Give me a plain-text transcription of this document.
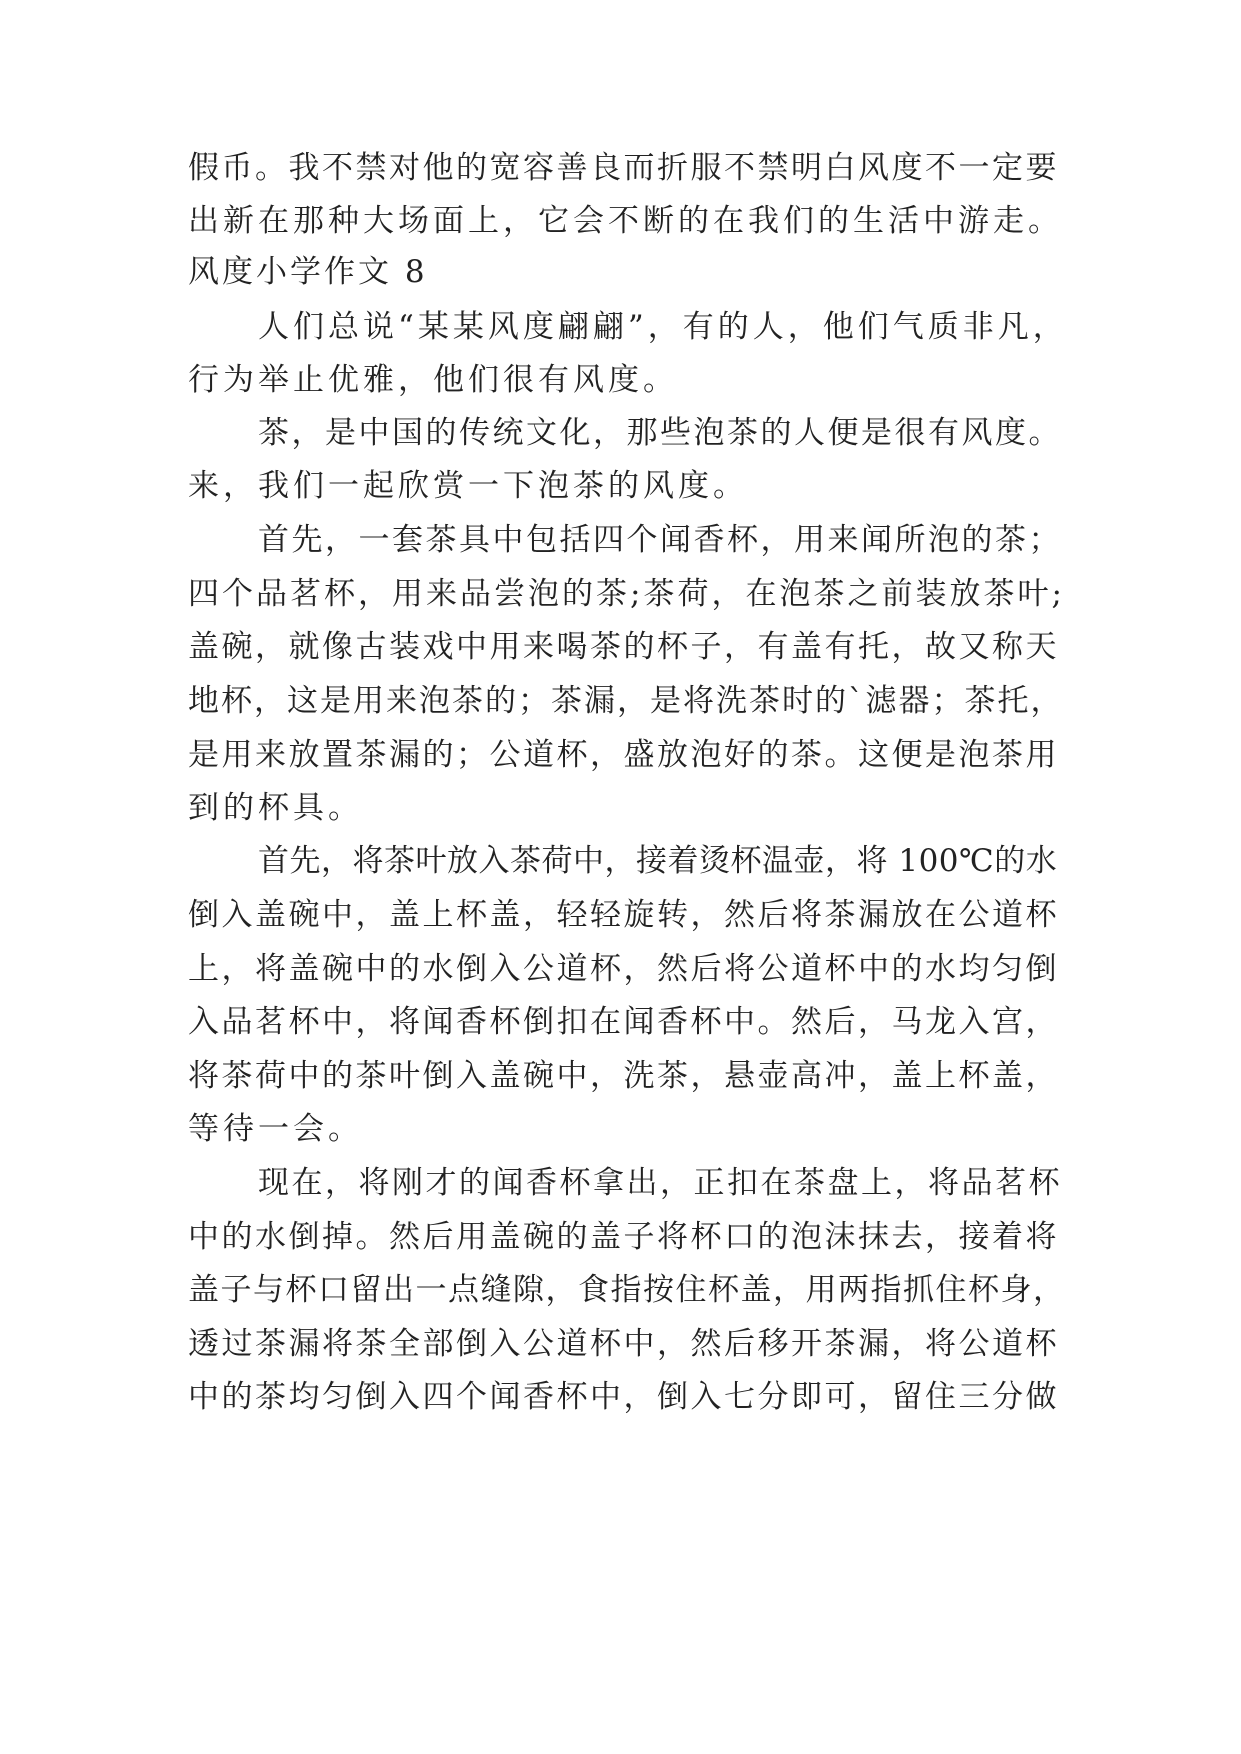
假币。我不禁对他的宽容善良而折服不禁明白风度不一定要
出新在那种大场面上，它会不断的在我们的生活中游走。
风度小学作文 8
人们总说“某某风度翩翩”，有的人，他们气质非凡，
行为举止优雅，他们很有风度。
茶，是中国的传统文化，那些泡茶的人便是很有风度。
来，我们一起欣赏一下泡茶的风度。
首先，一套茶具中包括四个闻香杯，用来闻所泡的茶；
四个品茗杯，用来品尝泡的茶;茶荷，在泡茶之前装放茶叶;
盖碗，就像古装戏中用来喝茶的杯子，有盖有托，故又称天
地杯，这是用来泡茶的；茶漏，是将洗茶时的`滤器；茶托，
是用来放置茶漏的；公道杯，盛放泡好的茶。这便是泡茶用
到的杯具。
首先，将茶叶放入茶荷中，接着烫杯温壶，将 100℃的水
倒入盖碗中，盖上杯盖，轻轻旋转，然后将茶漏放在公道杯
上，将盖碗中的水倒入公道杯，然后将公道杯中的水均匀倒
入品茗杯中，将闻香杯倒扣在闻香杯中。然后，马龙入宫，
将茶荷中的茶叶倒入盖碗中，洗茶，悬壶高冲，盖上杯盖，
等待一会。
现在，将刚才的闻香杯拿出，正扣在茶盘上，将品茗杯
中的水倒掉。然后用盖碗的盖子将杯口的泡沫抹去，接着将
盖子与杯口留出一点缝隙，食指按住杯盖，用两指抓住杯身，
透过茶漏将茶全部倒入公道杯中，然后移开茶漏，将公道杯
中的茶均匀倒入四个闻香杯中，倒入七分即可，留住三分做
